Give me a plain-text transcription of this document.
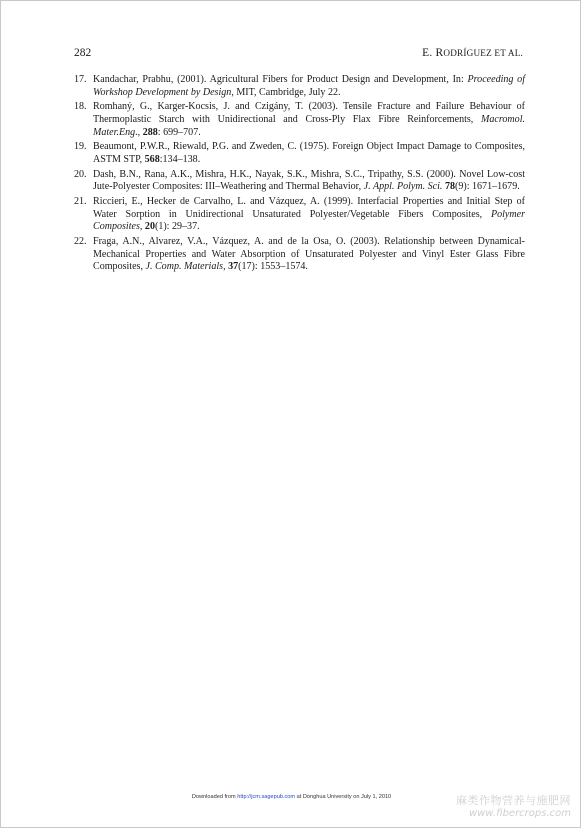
282	E. RODRÍGUEZ ET AL.
17. Kandachar, Prabhu, (2001). Agricultural Fibers for Product Design and Development, In: Proceeding of Workshop Development by Design, MIT, Cambridge, July 22.
18. Romhaný, G., Karger-Kocsis, J. and Czigány, T. (2003). Tensile Fracture and Failure Behaviour of Thermoplastic Starch with Unidirectional and Cross-Ply Flax Fibre Reinforcements, Macromol. Mater.Eng., 288: 699–707.
19. Beaumont, P.W.R., Riewald, P.G. and Zweden, C. (1975). Foreign Object Impact Damage to Composites, ASTM STP, 568:134–138.
20. Dash, B.N., Rana, A.K., Mishra, H.K., Nayak, S.K., Mishra, S.C., Tripathy, S.S. (2000). Novel Low-cost Jute-Polyester Composites: III–Weathering and Thermal Behavior, J. Appl. Polym. Sci. 78(9): 1671–1679.
21. Riccieri, E., Hecker de Carvalho, L. and Vázquez, A. (1999). Interfacial Properties and Initial Step of Water Sorption in Unidirectional Unsaturated Polyester/Vegetable Fibers Composites, Polymer Composites, 20(1): 29–37.
22. Fraga, A.N., Alvarez, V.A., Vázquez, A. and de la Osa, O. (2003). Relationship between Dynamical-Mechanical Properties and Water Absorption of Unsaturated Polyester and Vinyl Ester Glass Fibre Composites, J. Comp. Materials, 37(17): 1553–1574.
Downloaded from http://jcm.sagepub.com at Donghua University on July 1, 2010	麻类作物营养与施肥网
www.fibercrops.com
